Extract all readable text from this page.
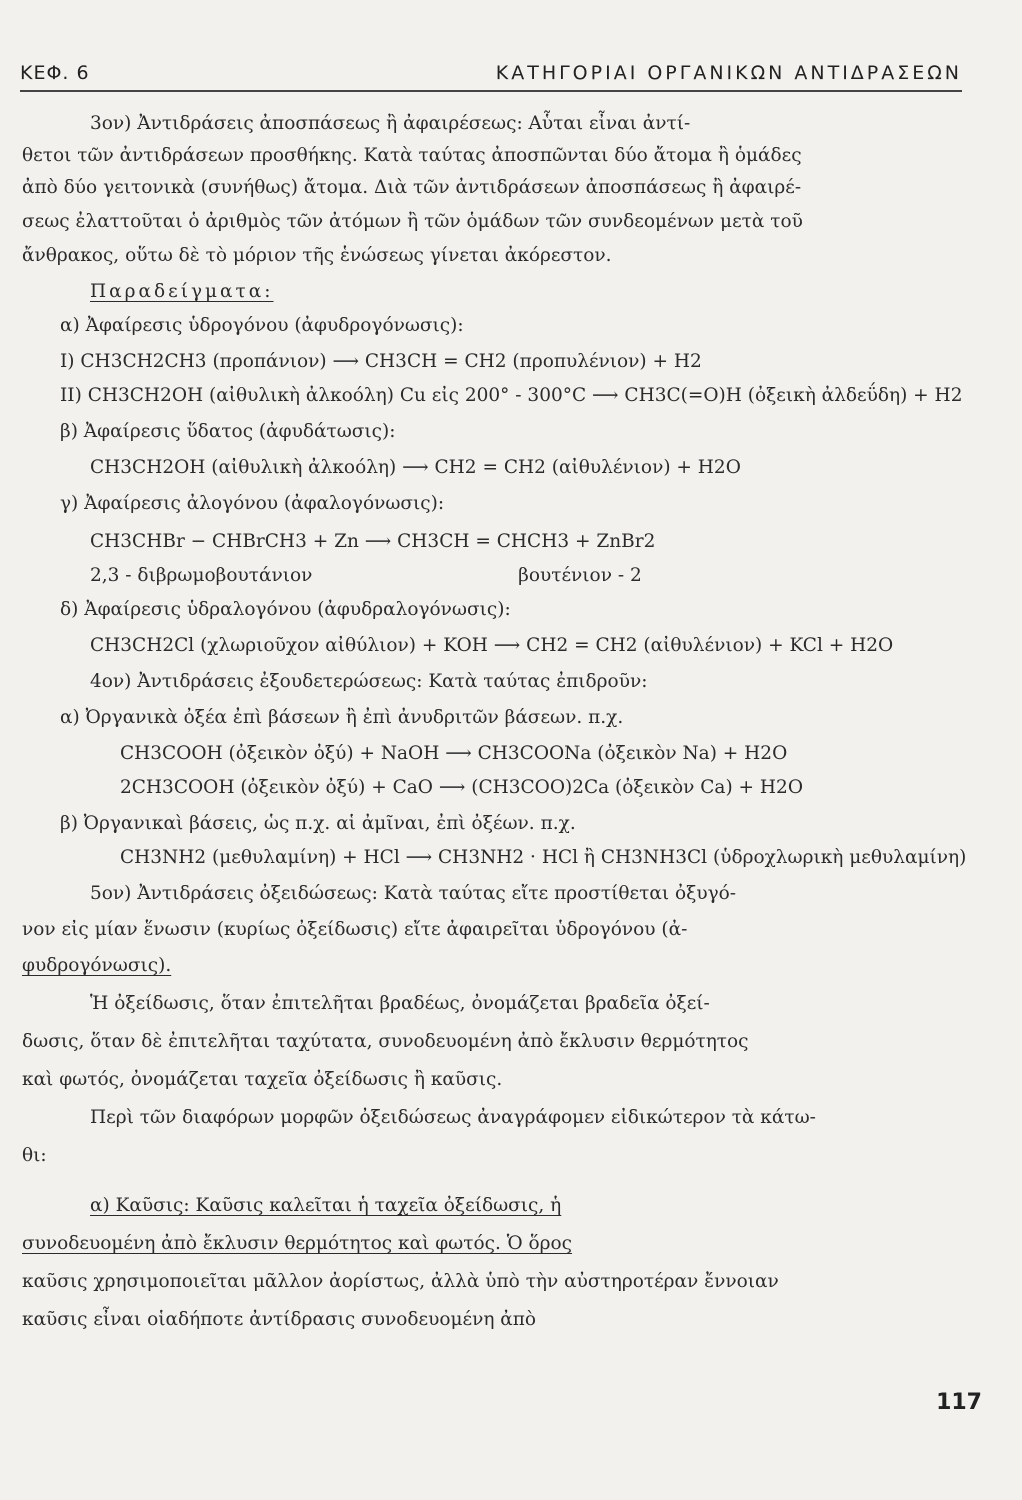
ΚΕΦ. 6	ΚΑΤΗΓΟΡΙΑΙ ΟΡΓΑΝΙΚΩΝ ΑΝΤΙΔΡΑΣΕΩΝ
3ον) Ἀντιδράσεις ἀποσπάσεως ἢ ἀφαιρέσεως: Αὗται εἶναι ἀντί-
θετοι τῶν ἀντιδράσεων προσθήκης. Κατὰ ταύτας ἀποσπῶνται δύο ἄτομα ἢ ὁμάδες
ἀπὸ δύο γειτονικὰ (συνήθως) ἄτομα. Διὰ τῶν ἀντιδράσεων ἀποσπάσεως ἢ ἀφαιρέ-
σεως ἐλαττοῦται ὁ ἀριθμὸς τῶν ἀτόμων ἢ τῶν ὁμάδων τῶν συνδεομένων μετὰ τοῦ
ἄνθρακος, οὕτω δὲ τὸ μόριον τῆς ἑνώσεως γίνεται ἀκόρεστον.
Παραδείγματα:
α) Ἀφαίρεσις ὑδρογόνου (ἀφυδρογόνωσις):
I) CH3CH2CH3 (προπάνιον) ⟶ CH3CH = CH2 (προπυλένιον) + H2
II) CH3CH2OH (αἰθυλικὴ ἀλκοόλη) Cu εἰς 200° - 300°C ⟶ CH3C(=O)H (ὀξεικὴ ἀλδεΰδη) + H2
β) Ἀφαίρεσις ὕδατος (ἀφυδάτωσις):
CH3CH2OH (αἰθυλικὴ ἀλκοόλη) ⟶ CH2 = CH2 (αἰθυλένιον) + H2O
γ) Ἀφαίρεσις ἀλογόνου (ἀφαλογόνωσις):
CH3CHBr − CHBrCH3 + Zn ⟶ CH3CH = CHCH3 + ZnBr2
2,3 - διβρωμοβουτάνιον                                   βουτένιον - 2
δ) Ἀφαίρεσις ὑδραλογόνου (ἀφυδραλογόνωσις):
CH3CH2Cl (χλωριοῦχον αἰθύλιον) + KOH ⟶ CH2 = CH2 (αἰθυλένιον) + KCl + H2O
4ον) Ἀντιδράσεις ἐξουδετερώσεως: Κατὰ ταύτας ἐπιδροῦν:
α) Ὀργανικὰ ὀξέα ἐπὶ βάσεων ἢ ἐπὶ ἀνυδριτῶν βάσεων. π.χ.
CH3COOH (ὀξεικὸν ὀξύ) + NaOH ⟶ CH3COONa (ὀξεικὸν Na) + H2O
2CH3COOH (ὀξεικὸν ὀξύ) + CaO ⟶ (CH3COO)2Ca (ὀξεικὸν Ca) + H2O
β) Ὀργανικαὶ βάσεις, ὡς π.χ. αἱ ἀμῖναι, ἐπὶ ὀξέων. π.χ.
CH3NH2 (μεθυλαμίνη) + HCl ⟶ CH3NH2 · HCl ἢ CH3NH3Cl (ὑδροχλωρικὴ μεθυλαμίνη)
5ον) Ἀντιδράσεις ὀξειδώσεως: Κατὰ ταύτας εἴτε προστίθεται ὀξυγό-
νον εἰς μίαν ἕνωσιν (κυρίως ὀξείδωσις) εἴτε ἀφαιρεῖται ὑδρογόνου (ἀ-
φυδρογόνωσις).
Ἡ ὀξείδωσις, ὅταν ἐπιτελῆται βραδέως, ὀνομάζεται βραδεῖα ὀξεί-
δωσις, ὅταν δὲ ἐπιτελῆται ταχύτατα, συνοδευομένη ἀπὸ ἔκλυσιν θερμότητος
καὶ φωτός, ὀνομάζεται ταχεῖα ὀξείδωσις ἢ καῦσις.
Περὶ τῶν διαφόρων μορφῶν ὀξειδώσεως ἀναγράφομεν εἰδικώτερον τὰ κάτω-
θι:
α) Καῦσις: Καῦσις καλεῖται ἡ ταχεῖα ὀξείδωσις, ἡ
συνοδευομένη ἀπὸ ἔκλυσιν θερμότητος καὶ φωτός. Ὁ ὅρος
καῦσις χρησιμοποιεῖται μᾶλλον ἀορίστως, ἀλλὰ ὑπὸ τὴν αὐστηροτέραν ἔννοιαν
καῦσις εἶναι οἱαδήποτε ἀντίδρασις συνοδευομένη ἀπὸ
117
